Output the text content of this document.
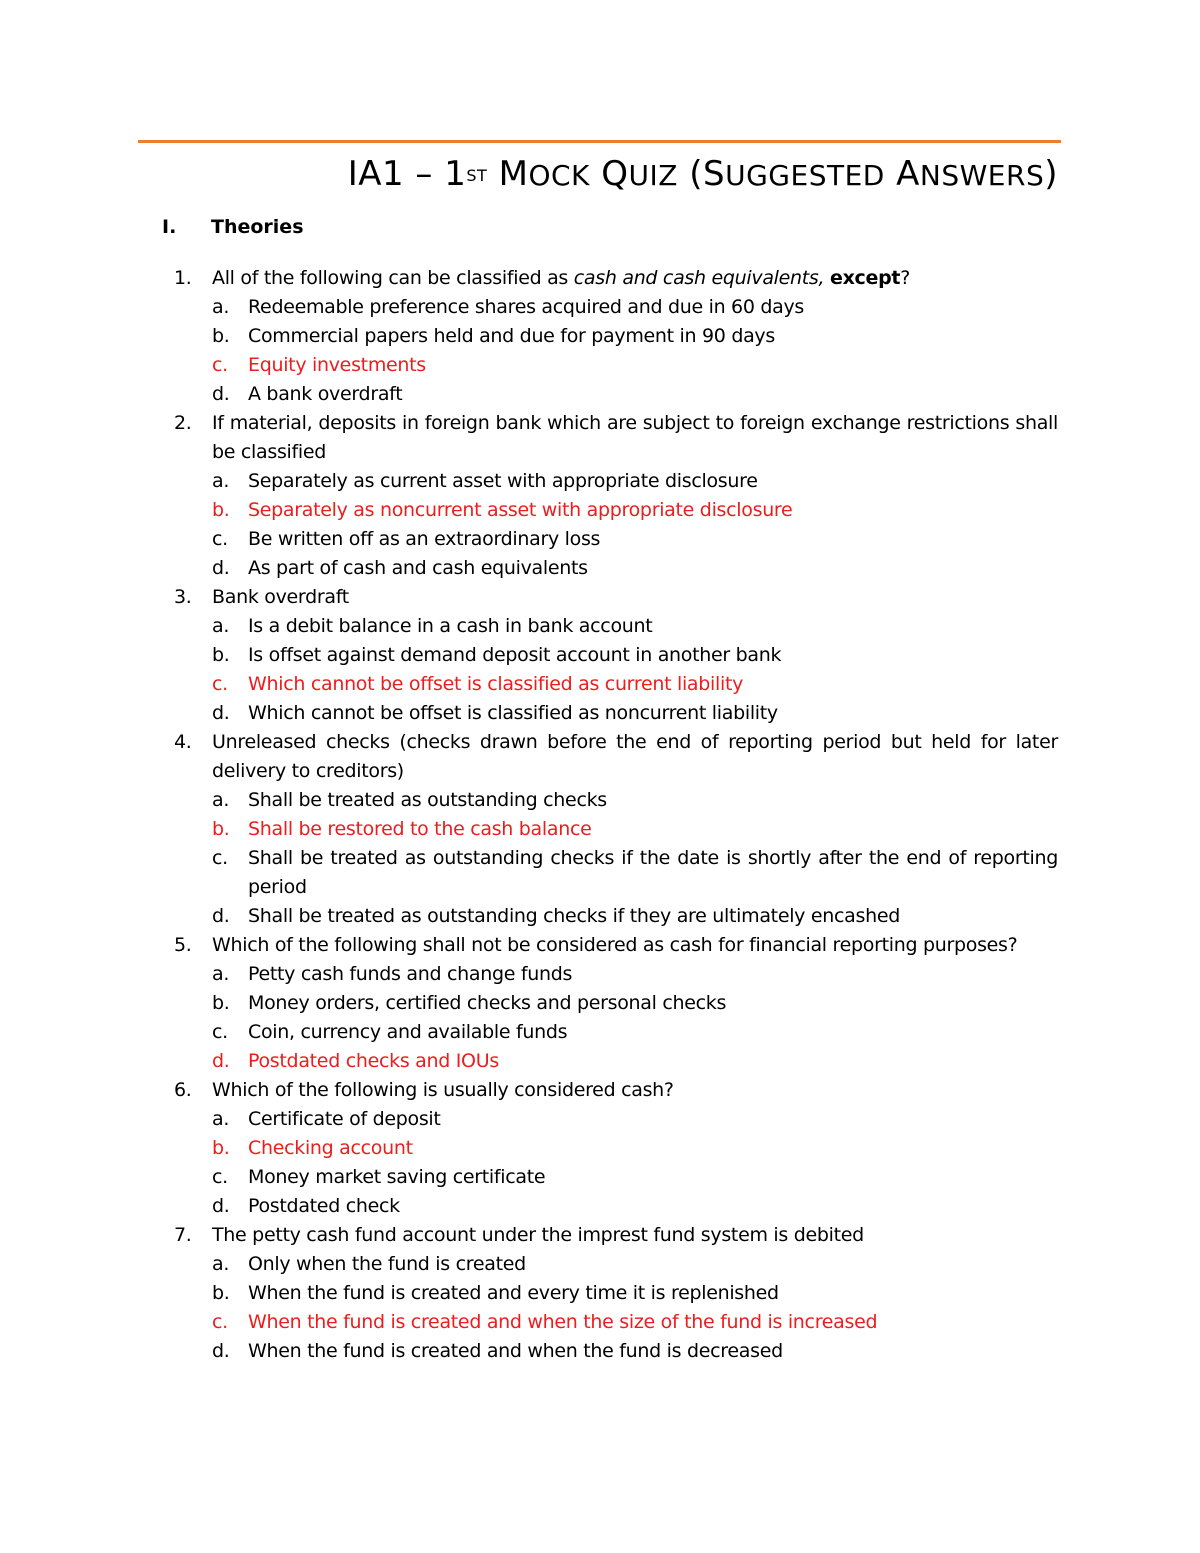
IA1 – 1ST MOCK QUIZ (SUGGESTED ANSWERS)
I. Theories
1. All of the following can be classified as cash and cash equivalents, except?
a. Redeemable preference shares acquired and due in 60 days
b. Commercial papers held and due for payment in 90 days
c. Equity investments
d. A bank overdraft
2. If material, deposits in foreign bank which are subject to foreign exchange restrictions shall be classified
a. Separately as current asset with appropriate disclosure
b. Separately as noncurrent asset with appropriate disclosure
c. Be written off as an extraordinary loss
d. As part of cash and cash equivalents
3. Bank overdraft
a. Is a debit balance in a cash in bank account
b. Is offset against demand deposit account in another bank
c. Which cannot be offset is classified as current liability
d. Which cannot be offset is classified as noncurrent liability
4. Unreleased checks (checks drawn before the end of reporting period but held for later delivery to creditors)
a. Shall be treated as outstanding checks
b. Shall be restored to the cash balance
c. Shall be treated as outstanding checks if the date is shortly after the end of reporting period
d. Shall be treated as outstanding checks if they are ultimately encashed
5. Which of the following shall not be considered as cash for financial reporting purposes?
a. Petty cash funds and change funds
b. Money orders, certified checks and personal checks
c. Coin, currency and available funds
d. Postdated checks and IOUs
6. Which of the following is usually considered cash?
a. Certificate of deposit
b. Checking account
c. Money market saving certificate
d. Postdated check
7. The petty cash fund account under the imprest fund system is debited
a. Only when the fund is created
b. When the fund is created and every time it is replenished
c. When the fund is created and when the size of the fund is increased
d. When the fund is created and when the fund is decreased
